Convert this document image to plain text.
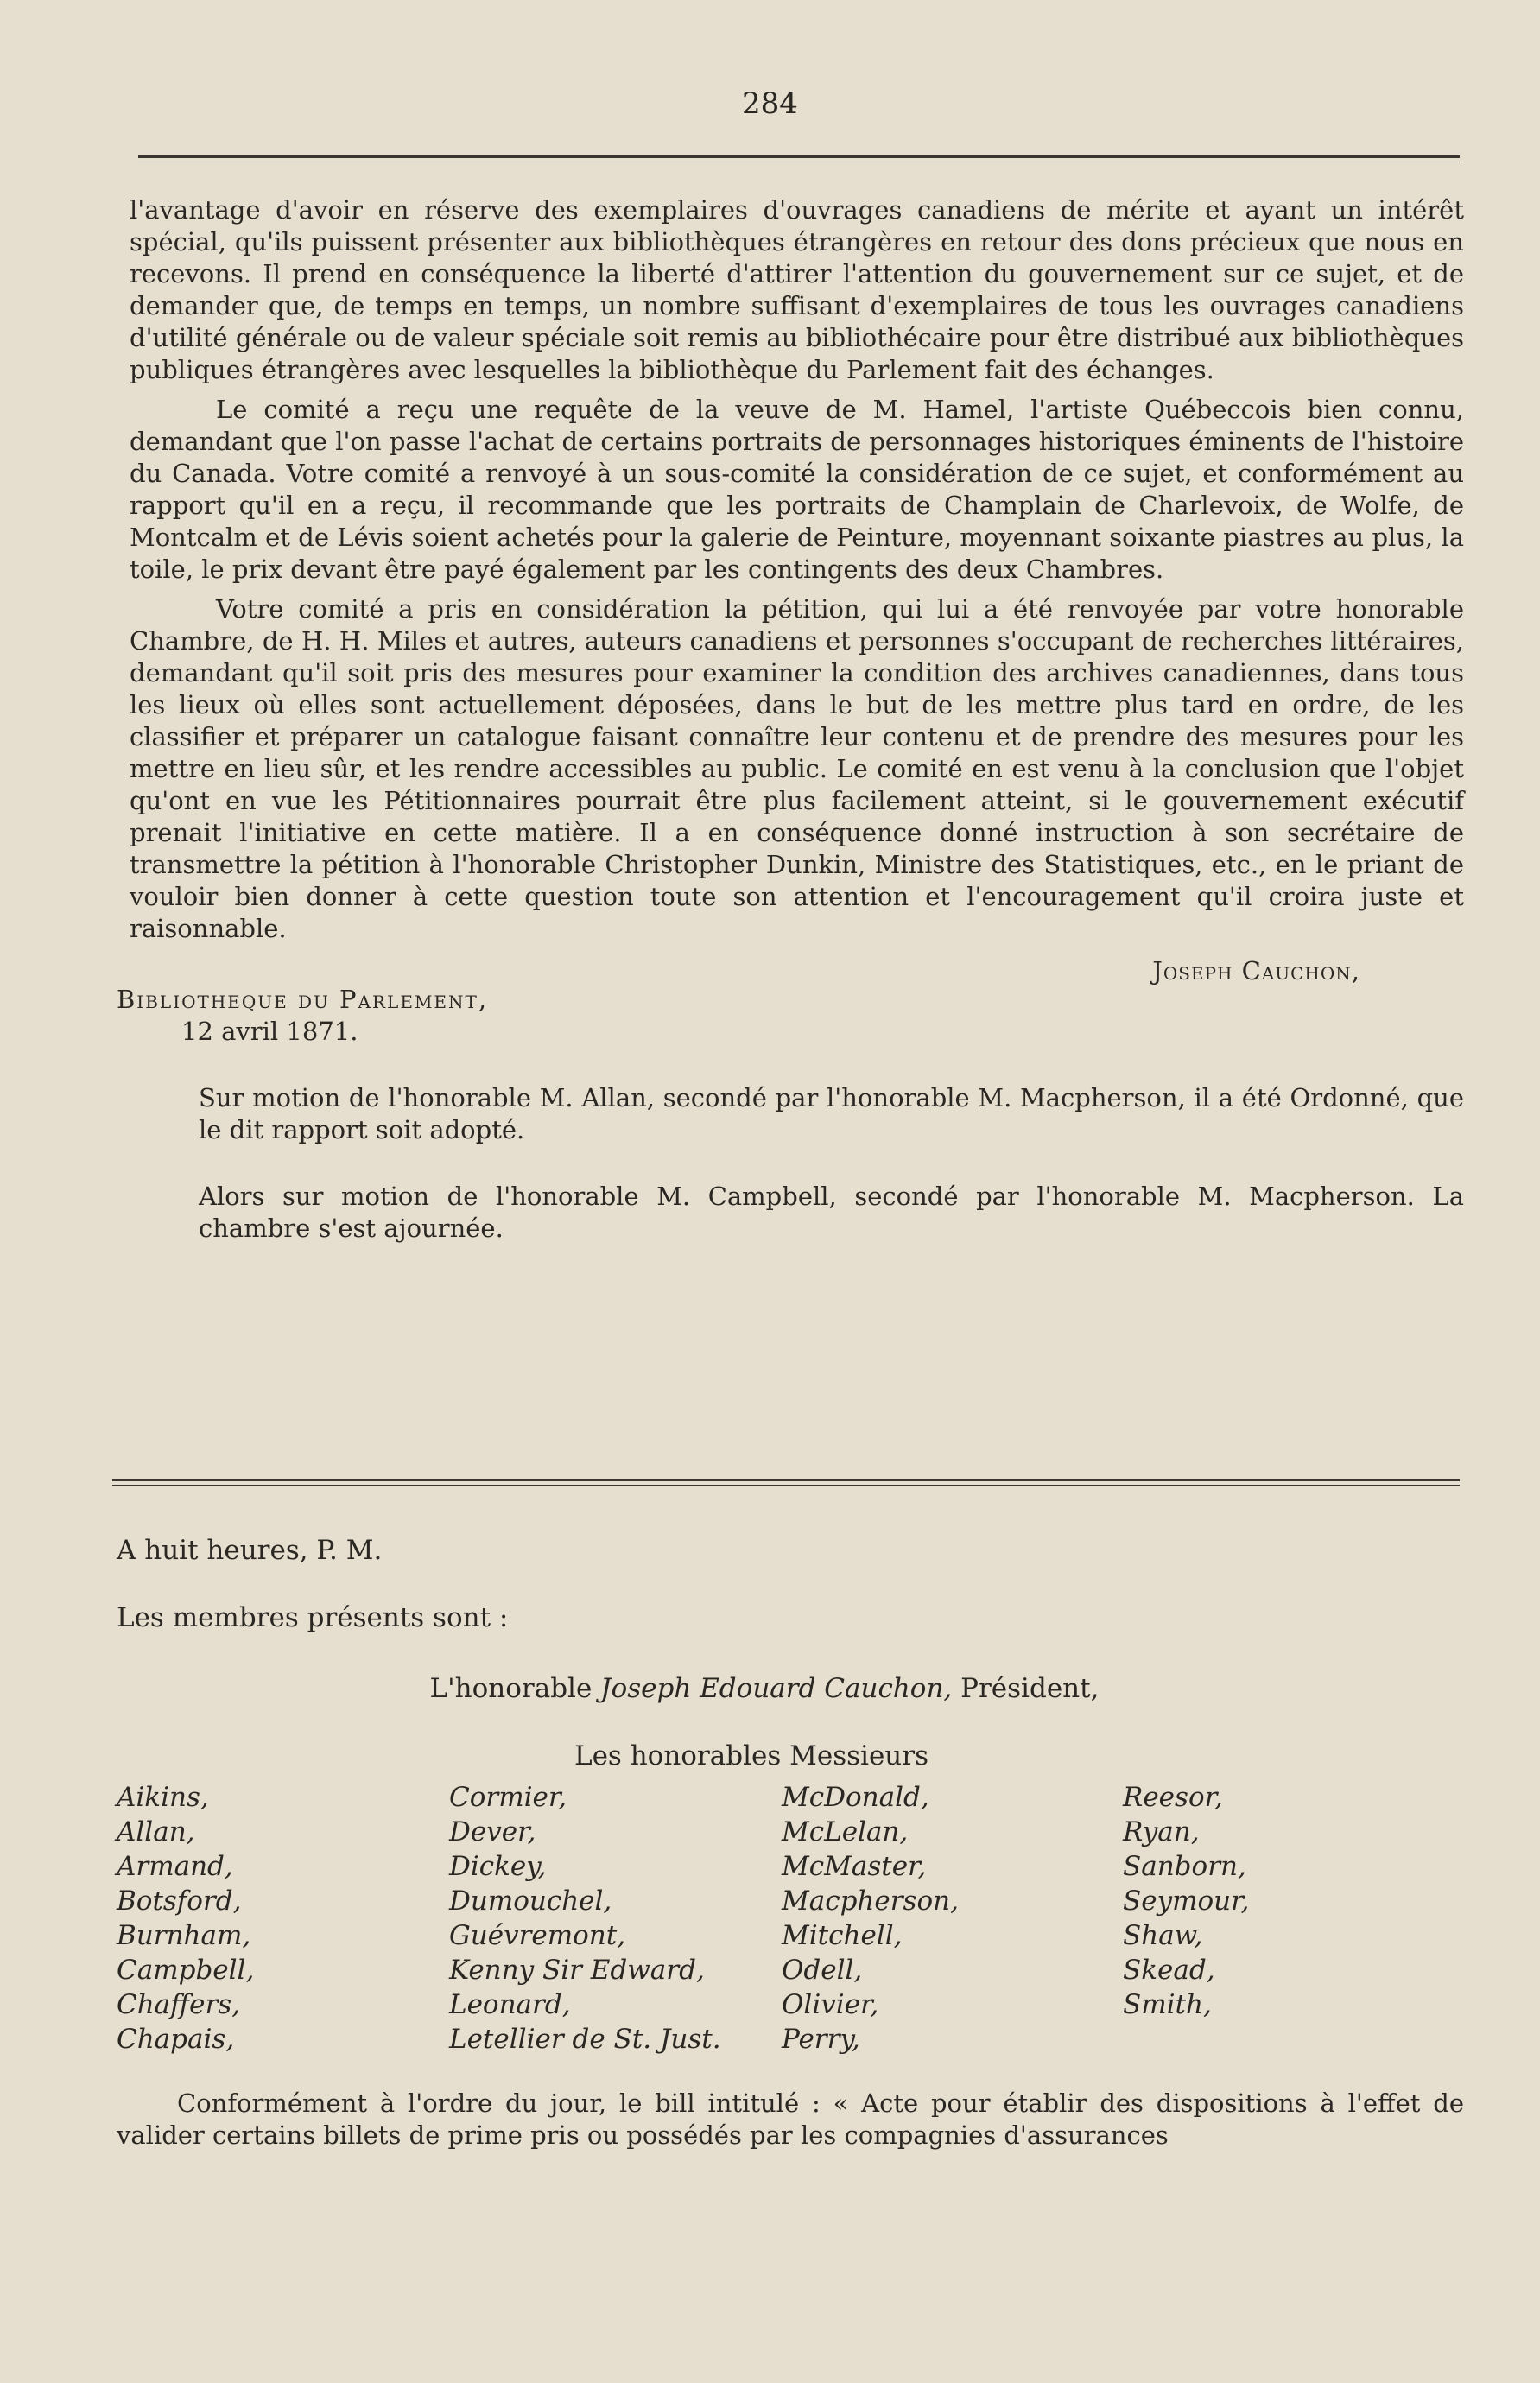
284

l'avantage d'avoir en réserve des exemplaires d'ouvrages canadiens de mérite et ayant un intérêt spécial, qu'ils puissent présenter aux bibliothèques étrangères en retour des dons précieux que nous en recevons. Il prend en conséquence la liberté d'attirer l'attention du gouvernement sur ce sujet, et de demander que, de temps en temps, un nombre suffisant d'exemplaires de tous les ouvrages canadiens d'utilité générale ou de valeur spéciale soit remis au bibliothécaire pour être distribué aux bibliothèques publiques étrangères avec lesquelles la bibliothèque du Parlement fait des échanges.

Le comité a reçu une requête de la veuve de M. Hamel, l'artiste Québeccois bien connu, demandant que l'on passe l'achat de certains portraits de personnages historiques éminents de l'histoire du Canada. Votre comité a renvoyé à un sous-comité la considération de ce sujet, et conformément au rapport qu'il en a reçu, il recommande que les portraits de Champlain de Charlevoix, de Wolfe, de Montcalm et de Lévis soient achetés pour la galerie de Peinture, moyennant soixante piastres au plus, la toile, le prix devant être payé également par les contingents des deux Chambres.

Votre comité a pris en considération la pétition, qui lui a été renvoyée par votre honorable Chambre, de H. H. Miles et autres, auteurs canadiens et personnes s'occupant de recherches littéraires, demandant qu'il soit pris des mesures pour examiner la condition des archives canadiennes, dans tous les lieux où elles sont actuellement déposées, dans le but de les mettre plus tard en ordre, de les classifier et préparer un catalogue faisant connaître leur contenu et de prendre des mesures pour les mettre en lieu sûr, et les rendre accessibles au public. Le comité en est venu à la conclusion que l'objet qu'ont en vue les Pétitionnaires pourrait être plus facilement atteint, si le gouvernement exécutif prenait l'initiative en cette matière. Il a en conséquence donné instruction à son secrétaire de transmettre la pétition à l'honorable Christopher Dunkin, Ministre des Statistiques, etc., en le priant de vouloir bien donner à cette question toute son attention et l'encouragement qu'il croira juste et raisonnable.

Joseph Cauchon,
Bibliotheque du Parlement,
12 avril 1871.
Sur motion de l'honorable M. Allan, secondé par l'honorable M. Macpherson, il a été Ordonné, que le dit rapport soit adopté.
Alors sur motion de l'honorable M. Campbell, secondé par l'honorable M. Macpherson. La chambre s'est ajournée.
A huit heures, P. M.
Les membres présents sont :
L'honorable Joseph Edouard Cauchon, Président,
Les honorables Messieurs
Aikins,
Allan,
Armand,
Botsford,
Burnham,
Campbell,
Chaffers,
Chapais,
Cormier,
Dever,
Dickey,
Dumouchel,
Guévremont,
Kenny Sir Edward,
Leonard,
Letellier de St. Just.
McDonald,
McLelan,
McMaster,
Macpherson,
Mitchell,
Odell,
Olivier,
Perry,
Reesor,
Ryan,
Sanborn,
Seymour,
Shaw,
Skead,
Smith,
Conformément à l'ordre du jour, le bill intitulé : « Acte pour établir des dispositions à l'effet de valider certains billets de prime pris ou possédés par les compagnies d'assurances
